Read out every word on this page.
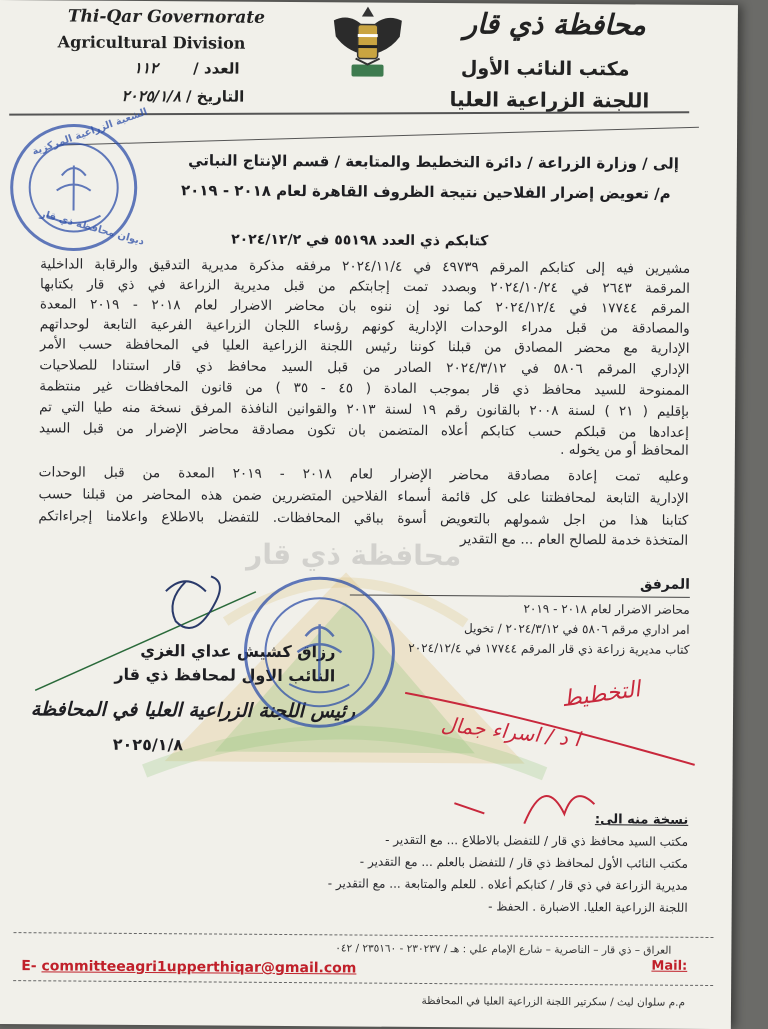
محافظة ذي قار
Thi-Qar Governorate
Agricultural Division
العدد / ١١٢
التاريخ / ٢٠٢٥/١/٨
محافظة ذي قار
مكتب النائب الأول
اللجنة الزراعية العليا
إلى / وزارة الزراعة / دائرة التخطيط والمتابعة / قسم الإنتاج النباتي
م/ تعويض إضرار الفلاحين نتيجة الظروف القاهرة لعام ٢٠١٨ - ٢٠١٩
كتابكم ذي العدد ٥٥١٩٨ في ٢٠٢٤/١٢/٢
مشيرين فيه إلى كتابكم المرقم ٤٩٧٣٩ في ٢٠٢٤/١١/٤ مرفقه مذكرة مديرية التدقيق والرقابة الداخلية
المرقمة ٢٦٤٣ في ٢٠٢٤/١٠/٢٤ وبصدد تمت إجابتكم من قبل مديرية الزراعة في ذي قار بكتابها
المرقم ١٧٧٤٤ في ٢٠٢٤/١٢/٤ كما نود إن ننوه بان محاضر الاضرار لعام ٢٠١٨ - ٢٠١٩ المعدة
والمصادقة من قبل مدراء الوحدات الإدارية كونهم رؤساء اللجان الزراعية الفرعية التابعة لوحداتهم
الإدارية مع محضر المصادق من قبلنا كوننا رئيس اللجنة الزراعية العليا في المحافظة حسب الأمر
الإداري المرقم ٥٨٠٦ في ٢٠٢٤/٣/١٢ الصادر من قبل السيد محافظ ذي قار استنادا للصلاحيات
الممنوحة للسيد محافظ ذي قار بموجب المادة ( ٤٥ - ٣٥ ) من قانون المحافظات غير منتظمة
بإقليم ( ٢١ ) لسنة ٢٠٠٨ بالقانون رقم ١٩ لسنة ٢٠١٣ والقوانين النافذة المرفق نسخة منه طيا التي تم
إعدادها من قبلكم حسب كتابكم أعلاه المتضمن بان تكون مصادقة محاضر الإضرار من قبل السيد
المحافظ أو من يخوله .
وعليه تمت إعادة مصادقة محاضر الإضرار لعام ٢٠١٨ - ٢٠١٩ المعدة من قبل الوحدات
الإدارية التابعة لمحافظتنا على كل قائمة أسماء الفلاحين المتضررين ضمن هذه المحاضر من قبلنا حسب
كتابنا هذا من اجل شمولهم بالتعويض أسوة بباقي المحافظات. للتفضل بالاطلاع واعلامنا إجراءاتكم
المتخذة خدمة للصالح العام ... مع التقدير
المرفق
محاضر الاضرار لعام ٢٠١٨ - ٢٠١٩
امر اداري مرقم ٥٨٠٦ في ٢٠٢٤/٣/١٢ / تخويل
كتاب مديرية زراعة ذي قار المرقم ١٧٧٤٤ في ٢٠٢٤/١٢/٤
رزاق كشيش عداي الغزي
النائب الاول لمحافظ ذي قار
رئيس اللجنة الزراعية العليا في المحافظة
٢٠٢٥/١/٨
الشعبة الزراعية المركزية
ديوان محافظة ذي قار
التخطيط
ا د / اسراء جمال
نسخة منه الى:
مكتب السيد محافظ ذي قار / للتفضل بالاطلاع ... مع التقدير -
مكتب النائب الأول لمحافظ ذي قار / للتفضل بالعلم ... مع التقدير -
مديرية الزراعة في ذي قار / كتابكم أعلاه . للعلم والمتابعة ... مع التقدير -
اللجنة الزراعية العليا. الاضبارة . الحفظ -
العراق – ذي قار – الناصرية – شارع الإمام علي : هـ / ٢٣٠٢٣٧ - ٢٣٥١٦٠ / ٠٤٢
E- committeeagri1upperthiqar@gmail.com	Mail:
م.م سلوان ليث / سكرتير اللجنة الزراعية العليا في المحافظة
